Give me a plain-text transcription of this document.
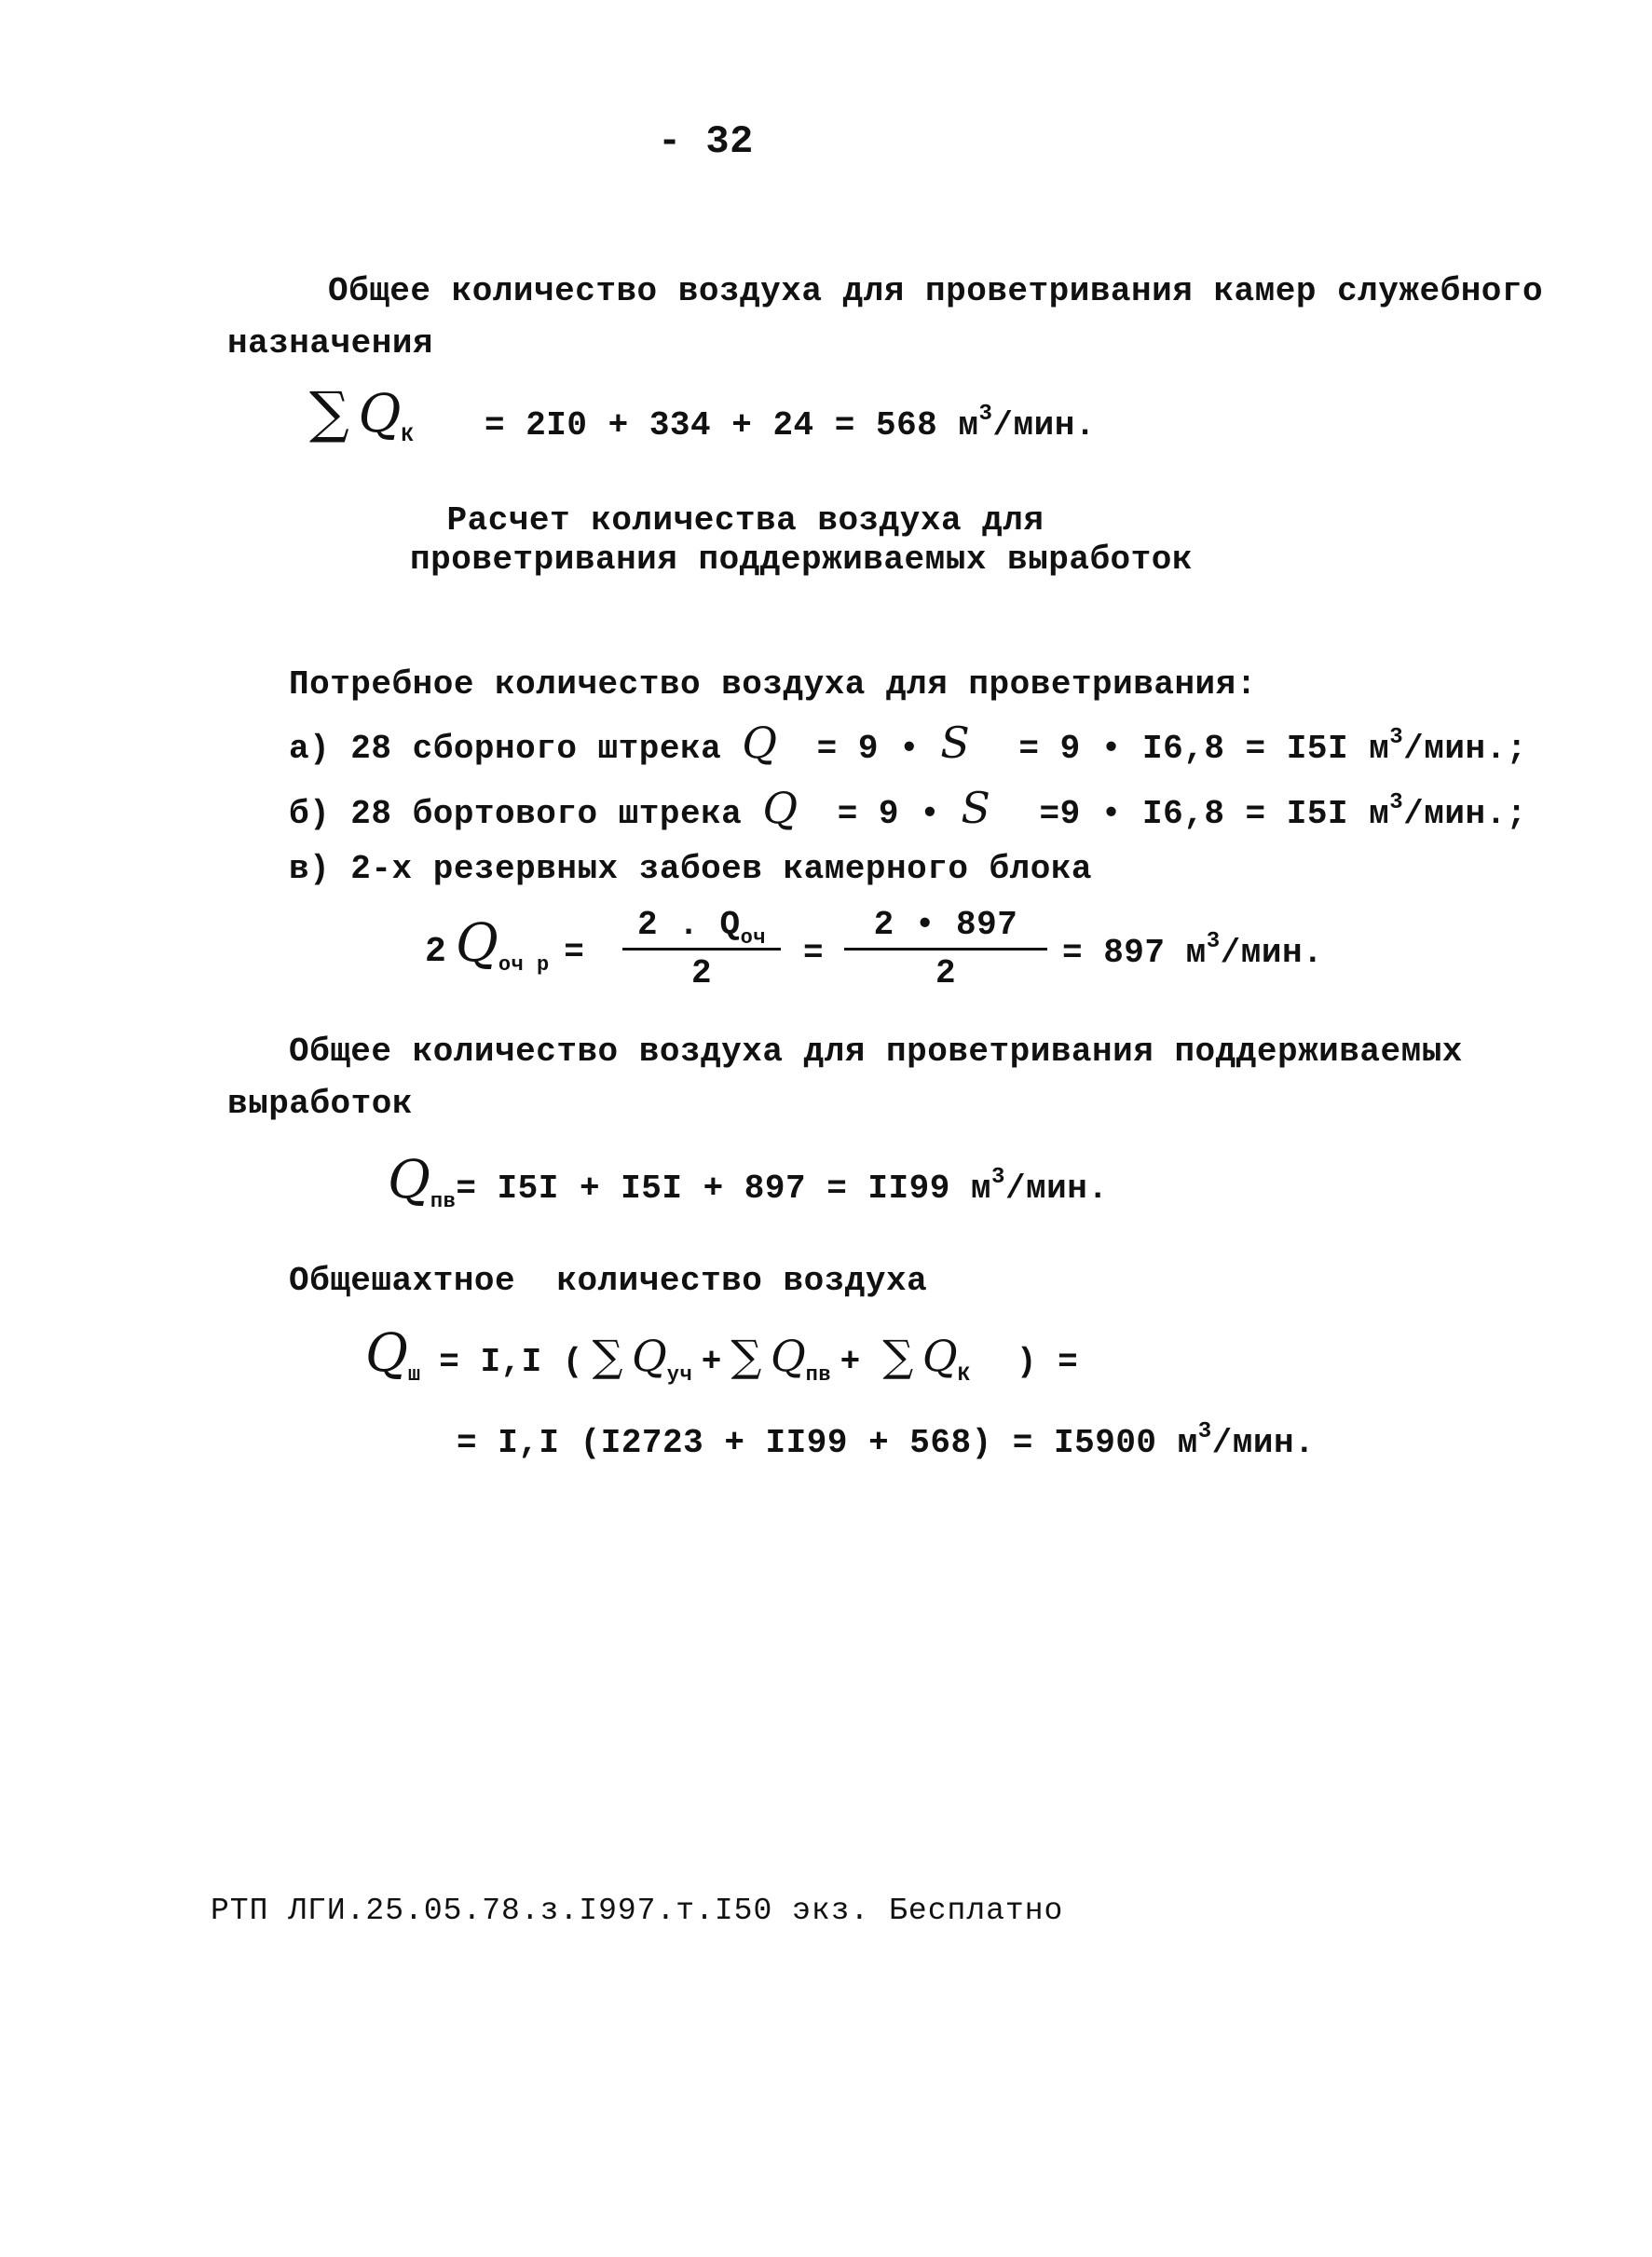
- 32
Общее количество воздуха для проветривания камер служебного
назначения
∑ QК = 2I0 + 334 + 24 = 568 $м^3$/мин.
Расчет количества воздуха для
проветривания поддерживаемых выработок
Потребное количество воздуха для проветривания:
а) 28 сборного штрека Q = 9 • S = 9 • I6,8 = I5I $м^3$/мин.;
б) 28 бортового штрека Q = 9 • S =9 • I6,8 = I5I $м^3$/мин.;
в) 2-х резервных забоев камерного блока
2 Qоч р =
2 . $Q_{оч}$
2
=
2 • 897
2
= 897 $м^3$/мин.
Общее количество воздуха для проветривания поддерживаемых
выработок
Qпв= I5I + I5I + 897 = II99 м3/мин.
Общешахтное  количество воздуха
Qш = I,I ( ∑ Qуч + ∑ Qпв + ∑ QК ) =
= I,I (I2723 + II99 + 568) = I5900 $м^3$/мин.
РТП ЛГИ.25.05.78.з.I997.т.I50 экз. Бесплатно
